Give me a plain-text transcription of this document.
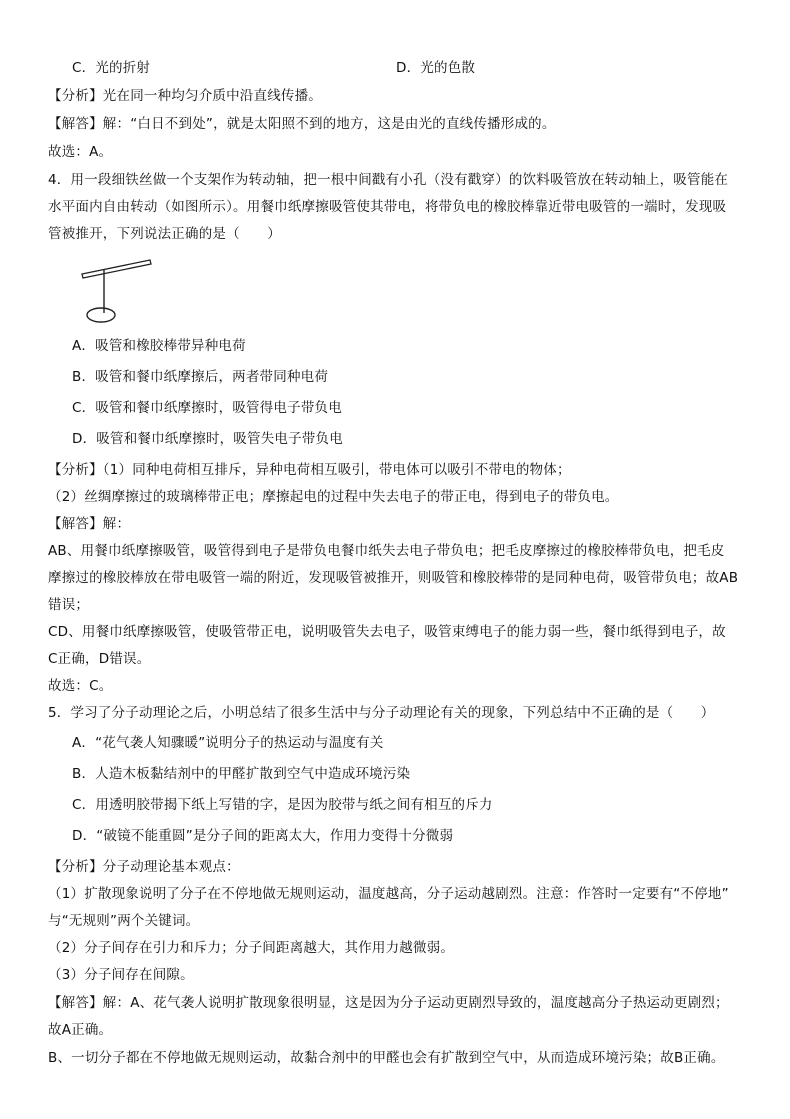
C．光的折射	D．光的色散
【分析】光在同一种均匀介质中沿直线传播。
【解答】解：“白日不到处”，就是太阳照不到的地方，这是由光的直线传播形成的。
故选：A。
4．用一段细铁丝做一个支架作为转动轴，把一根中间戳有小孔（没有戳穿）的饮料吸管放在转动轴上，吸管能在
水平面内自由转动（如图所示）。用餐巾纸摩擦吸管使其带电，将带负电的橡胶棒靠近带电吸管的一端时，发现吸
管被推开，下列说法正确的是（　　）
A．吸管和橡胶棒带异种电荷
B．吸管和餐巾纸摩擦后，两者带同种电荷
C．吸管和餐巾纸摩擦时，吸管得电子带负电
D．吸管和餐巾纸摩擦时，吸管失电子带负电
【分析】（1）同种电荷相互排斥，异种电荷相互吸引，带电体可以吸引不带电的物体；
（2）丝绸摩擦过的玻璃棒带正电；摩擦起电的过程中失去电子的带正电，得到电子的带负电。
【解答】解：
AB、用餐巾纸摩擦吸管，吸管得到电子是带负电餐巾纸失去电子带负电；把毛皮摩擦过的橡胶棒带负电，把毛皮
摩擦过的橡胶棒放在带电吸管一端的附近，发现吸管被推开，则吸管和橡胶棒带的是同种电荷，吸管带负电；故AB
错误；
CD、用餐巾纸摩擦吸管，使吸管带正电，说明吸管失去电子，吸管束缚电子的能力弱一些，餐巾纸得到电子，故
C正确，D错误。
故选：C。
5．学习了分子动理论之后，小明总结了很多生活中与分子动理论有关的现象，下列总结中不正确的是（　　）
A．“花气袭人知骤暖”说明分子的热运动与温度有关
B．人造木板黏结剂中的甲醛扩散到空气中造成环境污染
C．用透明胶带揭下纸上写错的字，是因为胶带与纸之间有相互的斥力
D．“破镜不能重圆”是分子间的距离太大，作用力变得十分微弱
【分析】分子动理论基本观点：
（1）扩散现象说明了分子在不停地做无规则运动，温度越高，分子运动越剧烈。注意：作答时一定要有“不停地”
与“无规则”两个关键词。
（2）分子间存在引力和斥力；分子间距离越大，其作用力越微弱。
（3）分子间存在间隙。
【解答】解：A、花气袭人说明扩散现象很明显，这是因为分子运动更剧烈导致的，温度越高分子热运动更剧烈；
故A正确。
B、一切分子都在不停地做无规则运动，故黏合剂中的甲醛也会有扩散到空气中，从而造成环境污染；故B正确。
